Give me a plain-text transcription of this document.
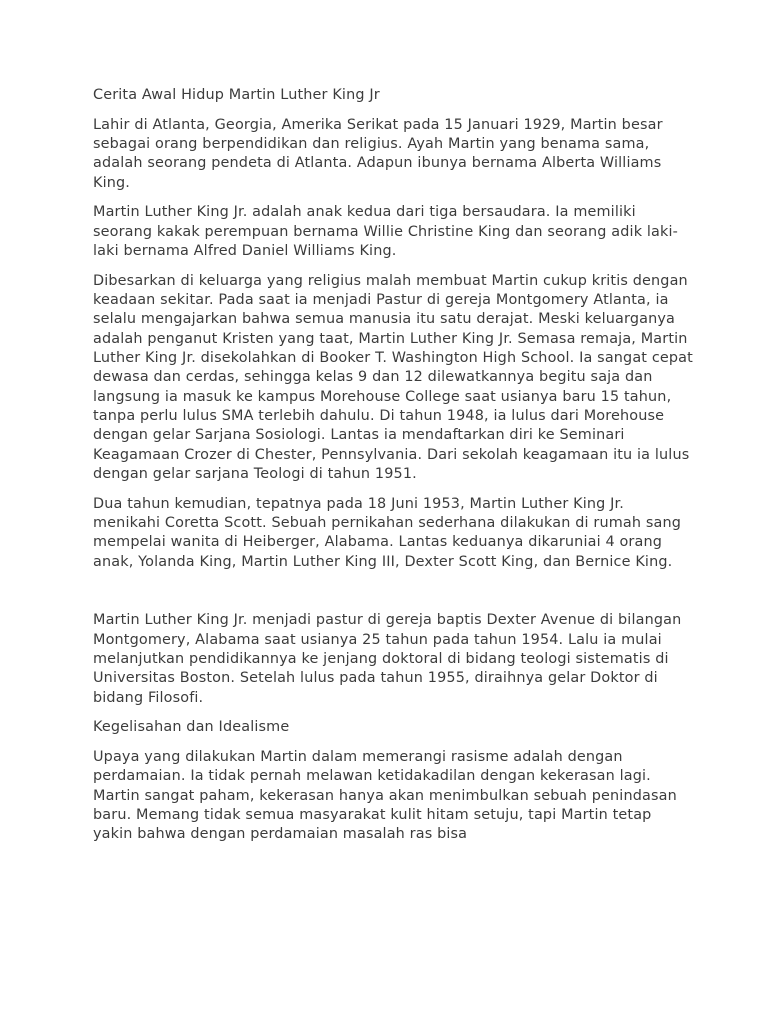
Cerita Awal Hidup Martin Luther King Jr

Lahir di Atlanta, Georgia, Amerika Serikat pada 15 Januari 1929, Martin besar sebagai orang berpendidikan dan religius. Ayah Martin yang benama sama, adalah seorang pendeta di Atlanta. Adapun ibunya bernama Alberta Williams King.

Martin Luther King Jr. adalah anak kedua dari tiga bersaudara. Ia memiliki seorang kakak perempuan bernama Willie Christine King dan seorang adik laki-laki bernama Alfred Daniel Williams King.

Dibesarkan di keluarga yang religius malah membuat Martin cukup kritis dengan keadaan sekitar. Pada saat ia menjadi Pastur di gereja Montgomery Atlanta, ia selalu mengajarkan bahwa semua manusia itu satu derajat. Meski keluarganya adalah penganut Kristen yang taat, Martin Luther King Jr. Semasa remaja, Martin Luther King Jr. disekolahkan di Booker T. Washington High School. Ia sangat cepat dewasa dan cerdas, sehingga kelas 9 dan 12 dilewatkannya begitu saja dan langsung ia masuk ke kampus Morehouse College saat usianya baru 15 tahun, tanpa perlu lulus SMA terlebih dahulu. Di tahun 1948, ia lulus dari Morehouse dengan gelar Sarjana Sosiologi. Lantas ia mendaftarkan diri ke Seminari Keagamaan Crozer di Chester, Pennsylvania. Dari sekolah keagamaan itu ia lulus dengan gelar sarjana Teologi di tahun 1951.

Dua tahun kemudian, tepatnya pada 18 Juni 1953, Martin Luther King Jr. menikahi Coretta Scott. Sebuah pernikahan sederhana dilakukan di rumah sang mempelai wanita di Heiberger, Alabama. Lantas keduanya dikaruniai 4 orang anak, Yolanda King, Martin Luther King III, Dexter Scott King, dan Bernice King.

Martin Luther King Jr. menjadi pastur di gereja baptis Dexter Avenue di bilangan Montgomery, Alabama saat usianya 25 tahun pada tahun 1954. Lalu ia mulai melanjutkan pendidikannya ke jenjang doktoral di bidang teologi sistematis di Universitas Boston. Setelah lulus pada tahun 1955, diraihnya gelar Doktor di bidang Filosofi.

Kegelisahan dan Idealisme

Upaya yang dilakukan Martin dalam memerangi rasisme adalah dengan perdamaian. Ia tidak pernah melawan ketidakadilan dengan kekerasan lagi. Martin sangat paham, kekerasan hanya akan menimbulkan sebuah penindasan baru. Memang tidak semua masyarakat kulit hitam setuju, tapi Martin tetap yakin bahwa dengan perdamaian masalah ras bisa
